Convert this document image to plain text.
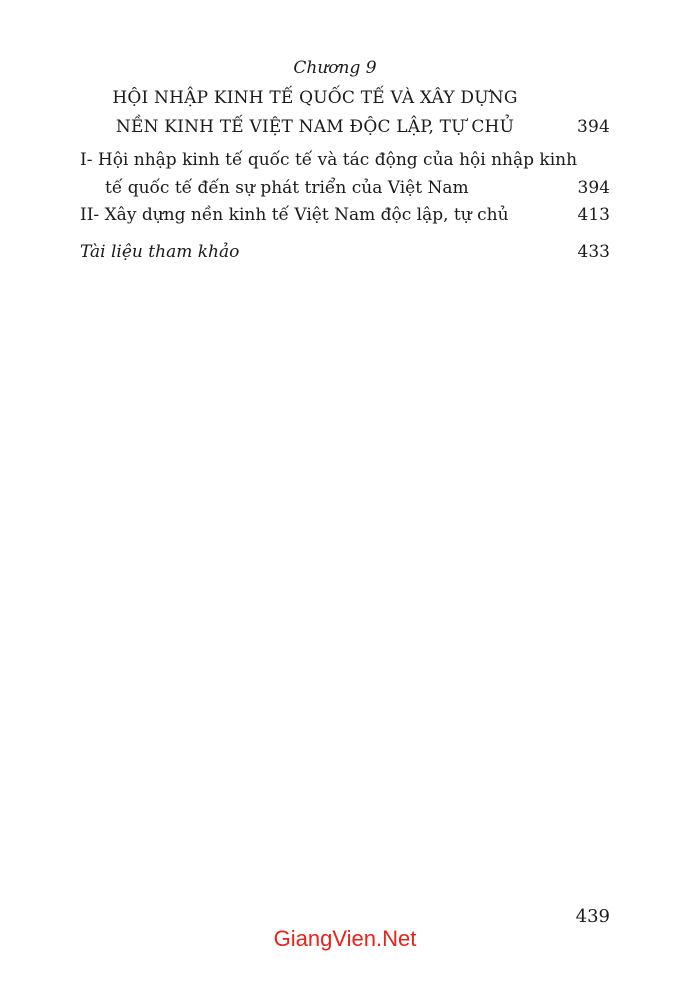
Chương 9
HỘI NHẬP KINH TẾ QUỐC TẾ VÀ XÂY DỰNG
NỀN KINH TẾ VIỆT NAM ĐỘC LẬP, TỰ CHỦ	394
I- Hội nhập kinh tế quốc tế và tác động của hội nhập kinh
tế quốc tế đến sự phát triển của Việt Nam	394
II- Xây dựng nền kinh tế Việt Nam độc lập, tự chủ	413
Tài liệu tham khảo	433
439
GiangVien.Net
